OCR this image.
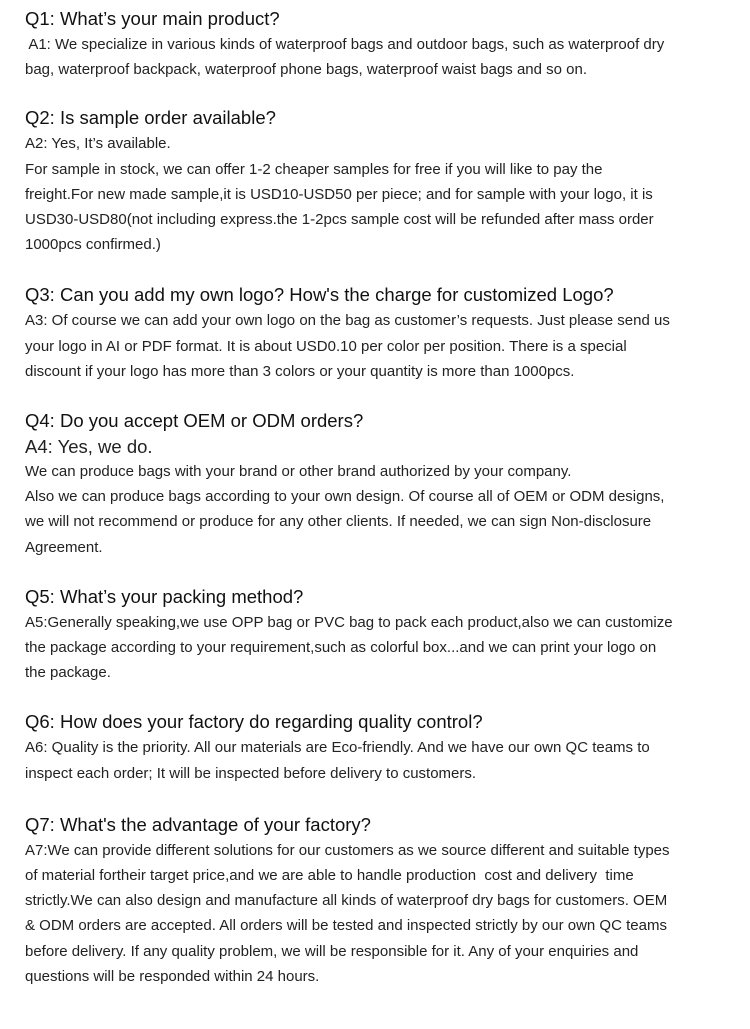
Q1: What’s your main product?

A1: We specialize in various kinds of waterproof bags and outdoor bags, such as waterproof dry

bag, waterproof backpack, waterproof phone bags, waterproof waist bags and so on.

Q2: Is sample order available?

A2: Yes, It’s available.

For sample in stock, we can offer 1-2 cheaper samples for free if you will like to pay the

freight.For new made sample,it is USD10-USD50 per piece; and for sample with your logo, it is

USD30-USD80(not including express.the 1-2pcs sample cost will be refunded after mass order

1000pcs confirmed.)

Q3: Can you add my own logo? How's the charge for customized Logo?

A3: Of course we can add your own logo on the bag as customer’s requests. Just please send us

your logo in AI or PDF format. It is about USD0.10 per color per position. There is a special

discount if your logo has more than 3 colors or your quantity is more than 1000pcs.

Q4: Do you accept OEM or ODM orders?

A4: Yes, we do.

We can produce bags with your brand or other brand authorized by your company.

Also we can produce bags according to your own design. Of course all of OEM or ODM designs,

we will not recommend or produce for any other clients. If needed, we can sign Non-disclosure

Agreement.

Q5: What’s your packing method?

A5:Generally speaking,we use OPP bag or PVC bag to pack each product,also we can customize

the package according to your requirement,such as colorful box...and we can print your logo on

the package.

Q6: How does your factory do regarding quality control?

A6: Quality is the priority. All our materials are Eco-friendly. And we have our own QC teams to

inspect each order; It will be inspected before delivery to customers.

Q7: What's the advantage of your factory?

A7:We can provide different solutions for our customers as we source different and suitable types

of material fortheir target price,and we are able to handle production  cost and delivery  time

strictly.We can also design and manufacture all kinds of waterproof dry bags for customers. OEM

& ODM orders are accepted. All orders will be tested and inspected strictly by our own QC teams

before delivery. If any quality problem, we will be responsible for it. Any of your enquiries and

questions will be responded within 24 hours.
